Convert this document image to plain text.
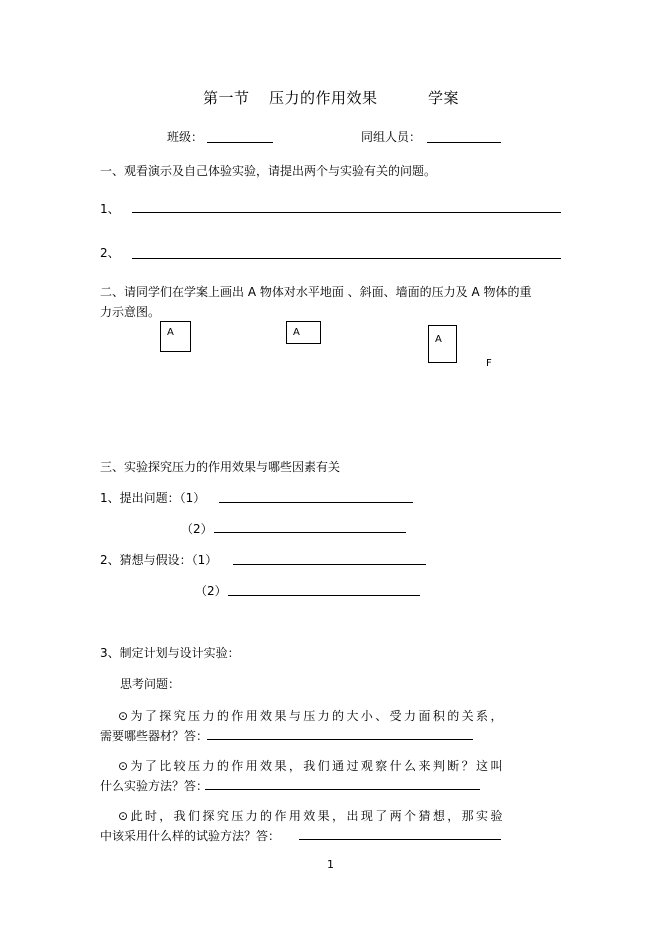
第一节 压力的作用效果	学案
班级：	同组人员：
一、观看演示及自己体验实验，请提出两个与实验有关的问题。
1、
2、
二、请同学们在学案上画出 A 物体对水平地面 、斜面、墙面的压力及 A 物体的重
力示意图。
A	A
A
F
三、实验探究压力的作用效果与哪些因素有关
1、提出问题：（1）
（2）
2、猜想与假设：（1）
（2）
3、制定计划与设计实验：
思考问题：
⊙为了探究压力的作用效果与压力的大小、受力面积的关系，
需要哪些器材？答：
⊙为了比较压力的作用效果，我们通过观察什么来判断？这叫
什么实验方法？答：
⊙此时，我们探究压力的作用效果，出现了两个猜想，那实验
中该采用什么样的试验方法？答：
1
